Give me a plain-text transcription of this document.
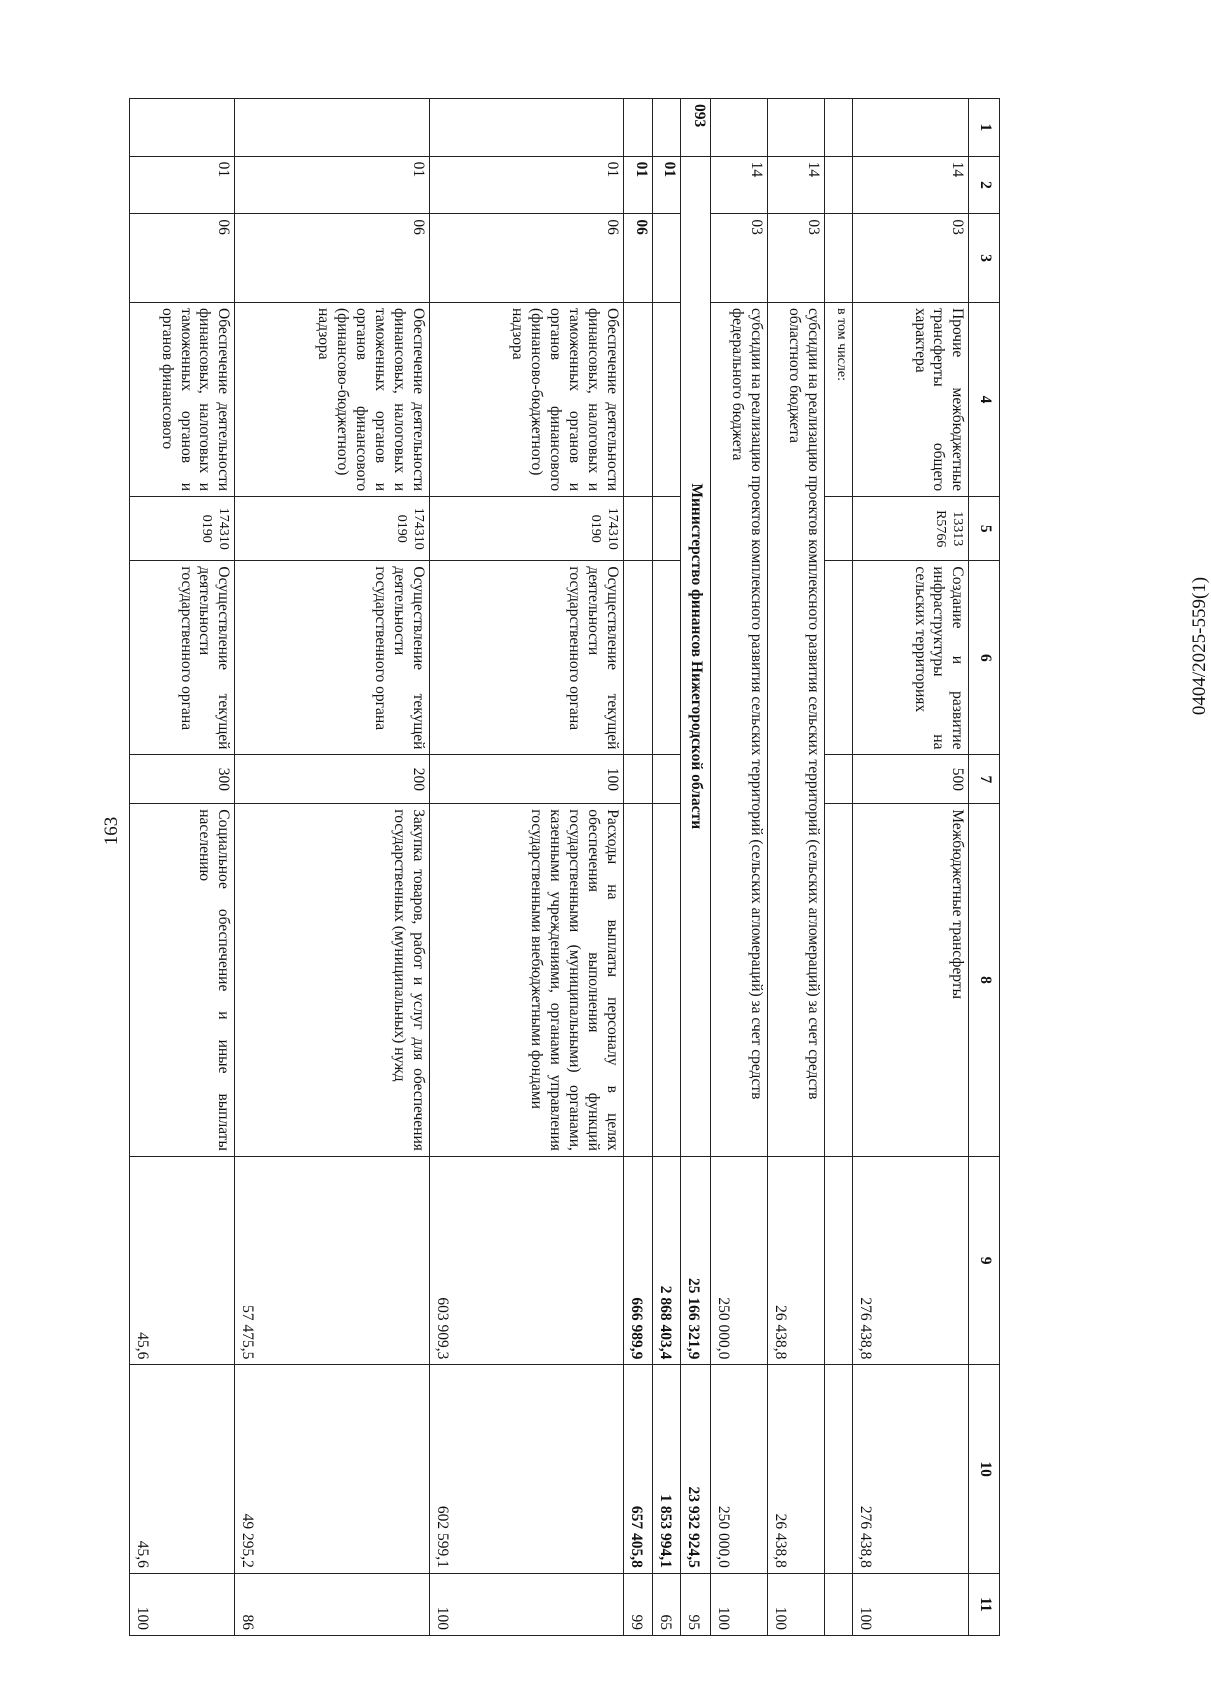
163
1	2	3	4	5	6	7	8	9	10	11
	14	03	Прочие межбюджетные трансферты общего характера	13313 R5766	Создание и развитие инфраструктуры на сельских территориях	500	Межбюджетные трансферты	276 438,8	276 438,8	100
			в том числе:							
	14	03	субсидии на реализацию проектов комплексного развития сельских территорий (сельских агломераций) за счет средств областного бюджета					26 438,8	26 438,8	100
	14	03	субсидии на реализацию проектов комплексного развития сельских территорий (сельских агломераций) за счет средств федерального бюджета					250 000,0	250 000,0	100
093	Министерство финансов Нижегородской области							25 166 321,9	23 932 924,5	95
	01							2 868 403,4	1 853 994,1	65
	01	06						666 989,9	657 405,8	99
	01	06	Обеспечение деятельности финансовых, налоговых и таможенных органов и органов финансового (финансово-бюджетного) надзора	174310 0190	Осуществление текущей деятельности государственного органа	100	Расходы на выплаты персоналу в целях обеспечения выполнения функций государственными (муниципальными) органами, казенными учреждениями, органами управления государственными внебюджетными фондами	603 909,3	602 599,1	100
	01	06	Обеспечение деятельности финансовых, налоговых и таможенных органов и органов финансового (финансово-бюджетного) надзора	174310 0190	Осуществление текущей деятельности государственного органа	200	Закупка товаров, работ и услуг для обеспечения государственных (муниципальных) нужд	57 475,5	49 295,2	86
	01	06	Обеспечение деятельности финансовых, налоговых и таможенных органов и органов финансового	174310 0190	Осуществление текущей деятельности государственного органа	300	Социальное обеспечение и иные выплаты населению	45,6	45,6	100
0404/2025-559(1)
